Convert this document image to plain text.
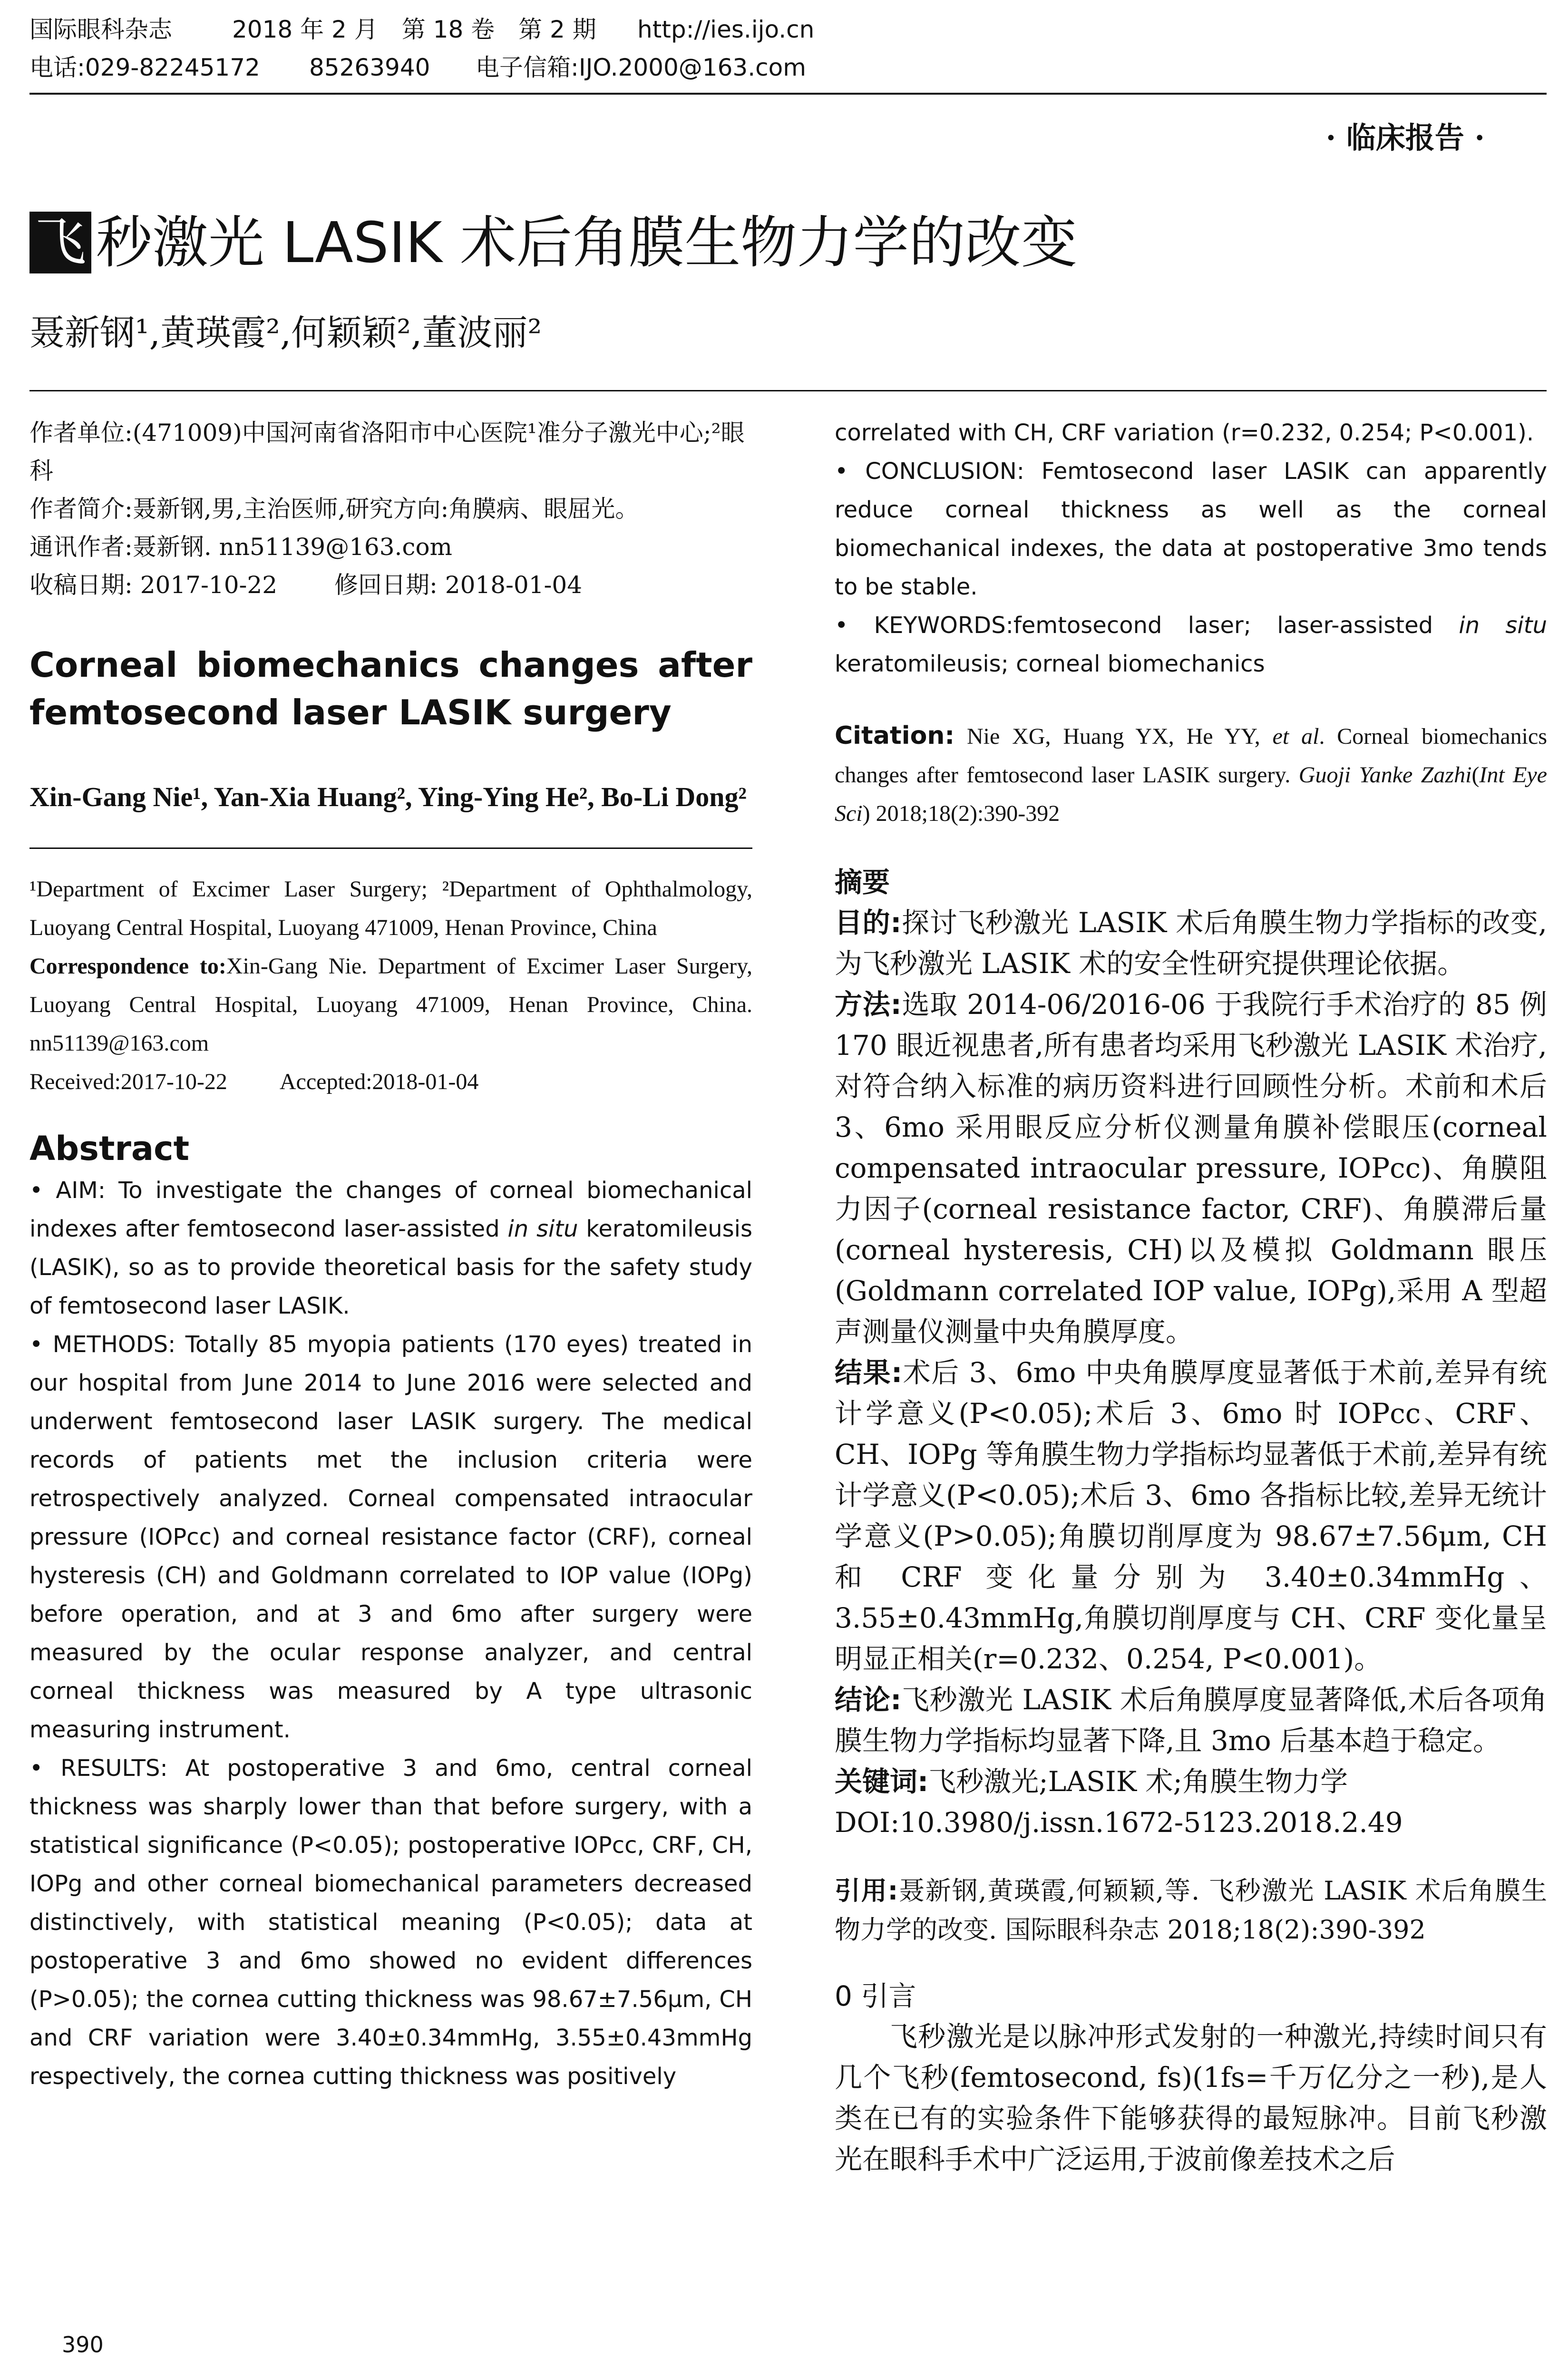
国际眼科杂志	2018 年 2 月　第 18 卷　第 2 期 http://ies.ijo.cn
电话:029-82245172 85263940 电子信箱:IJO.2000@163.com
· 临床报告 ·
飞 秒激光 LASIK 术后角膜生物力学的改变
聂新钢¹,黄瑛霞²,何颖颖²,董波丽²

作者单位:(471009)中国河南省洛阳市中心医院¹准分子激光中心;²眼科

作者简介:聂新钢,男,主治医师,研究方向:角膜病、眼屈光。

通讯作者:聂新钢. nn51139@163.com

收稿日期: 2017-10-22 修回日期: 2018-01-04

Corneal biomechanics changes after femtosecond laser LASIK surgery
Xin-Gang Nie¹, Yan-Xia Huang², Ying-Ying He², Bo-Li Dong²
¹Department of Excimer Laser Surgery; ²Department of Ophthalmology, Luoyang Central Hospital, Luoyang 471009, Henan Province, China
Correspondence to:Xin-Gang Nie. Department of Excimer Laser Surgery, Luoyang Central Hospital, Luoyang 471009, Henan Province, China. nn51139@163.com
Received:2017-10-22 Accepted:2018-01-04
Abstract
• AIM: To investigate the changes of corneal biomechanical indexes after femtosecond laser-assisted in situ keratomileusis (LASIK), so as to provide theoretical basis for the safety study of femtosecond laser LASIK.
• METHODS: Totally 85 myopia patients (170 eyes) treated in our hospital from June 2014 to June 2016 were selected and underwent femtosecond laser LASIK surgery. The medical records of patients met the inclusion criteria were retrospectively analyzed. Corneal compensated intraocular pressure (IOPcc) and corneal resistance factor (CRF), corneal hysteresis (CH) and Goldmann correlated to IOP value (IOPg) before operation, and at 3 and 6mo after surgery were measured by the ocular response analyzer, and central corneal thickness was measured by A type ultrasonic measuring instrument.
• RESULTS: At postoperative 3 and 6mo, central corneal thickness was sharply lower than that before surgery, with a statistical significance (P<0.05); postoperative IOPcc, CRF, CH, IOPg and other corneal biomechanical parameters decreased distinctively, with statistical meaning (P<0.05); data at postoperative 3 and 6mo showed no evident differences (P>0.05); the cornea cutting thickness was 98.67±7.56μm, CH and CRF variation were 3.40±0.34mmHg, 3.55±0.43mmHg respectively, the cornea cutting thickness was positively
correlated with CH, CRF variation (r=0.232, 0.254; P<0.001).
• CONCLUSION: Femtosecond laser LASIK can apparently reduce corneal thickness as well as the corneal biomechanical indexes, the data at postoperative 3mo tends to be stable.
• KEYWORDS:femtosecond laser; laser-assisted in situ keratomileusis; corneal biomechanics
Citation: Nie XG, Huang YX, He YY, et al. Corneal biomechanics changes after femtosecond laser LASIK surgery. Guoji Yanke Zazhi(Int Eye Sci) 2018;18(2):390-392
摘要
目的:探讨飞秒激光 LASIK 术后角膜生物力学指标的改变,为飞秒激光 LASIK 术的安全性研究提供理论依据。
方法:选取 2014-06/2016-06 于我院行手术治疗的 85 例 170 眼近视患者,所有患者均采用飞秒激光 LASIK 术治疗,对符合纳入标准的病历资料进行回顾性分析。术前和术后 3、6mo 采用眼反应分析仪测量角膜补偿眼压(corneal compensated intraocular pressure, IOPcc)、角膜阻力因子(corneal resistance factor, CRF)、角膜滞后量(corneal hysteresis, CH)以及模拟 Goldmann 眼压(Goldmann correlated IOP value, IOPg),采用 A 型超声测量仪测量中央角膜厚度。
结果:术后 3、6mo 中央角膜厚度显著低于术前,差异有统计学意义(P<0.05);术后 3、6mo 时 IOPcc、CRF、CH、IOPg 等角膜生物力学指标均显著低于术前,差异有统计学意义(P<0.05);术后 3、6mo 各指标比较,差异无统计学意义(P>0.05);角膜切削厚度为 98.67±7.56μm, CH 和 CRF 变化量分别为 3.40±0.34mmHg、3.55±0.43mmHg,角膜切削厚度与 CH、CRF 变化量呈明显正相关(r=0.232、0.254, P<0.001)。
结论:飞秒激光 LASIK 术后角膜厚度显著降低,术后各项角膜生物力学指标均显著下降,且 3mo 后基本趋于稳定。
关键词:飞秒激光;LASIK 术;角膜生物力学
DOI:10.3980/j.issn.1672-5123.2018.2.49
引用:聂新钢,黄瑛霞,何颖颖,等. 飞秒激光 LASIK 术后角膜生物力学的改变. 国际眼科杂志 2018;18(2):390-392
0 引言
飞秒激光是以脉冲形式发射的一种激光,持续时间只有几个飞秒(femtosecond, fs)(1fs=千万亿分之一秒),是人类在已有的实验条件下能够获得的最短脉冲。目前飞秒激光在眼科手术中广泛运用,于波前像差技术之后
390
